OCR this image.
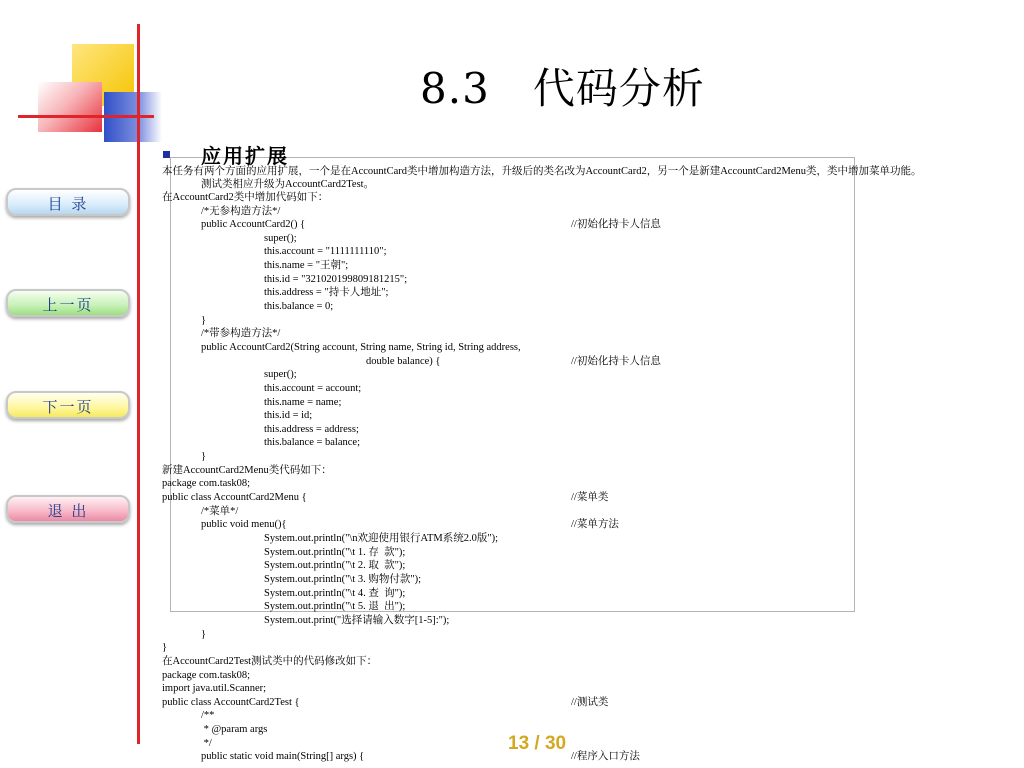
8.3   代码分析
目 录
上一页
下一页
退 出
应用扩展
本任务有两个方面的应用扩展，一个是在AccountCard类中增加构造方法，升级后的类名改为AccountCard2，另一个是新建AccountCard2Menu类，类中增加菜单功能。
测试类相应升级为AccountCard2Test。
在AccountCard2类中增加代码如下：
/*无参构造方法*/
public AccountCard2() {
super();
this.account = "1111111110";
this.name = "王朝";
this.id = "321020199809181215";
this.address = "持卡人地址";
this.balance = 0;
}
/*带参构造方法*/
public AccountCard2(String account, String name, String id, String address,
double balance) {
super();
this.account = account;
this.name = name;
this.id = id;
this.address = address;
this.balance = balance;
}
新建AccountCard2Menu类代码如下：
package com.task08;
public class AccountCard2Menu {
/*菜单*/
public void menu(){
System.out.println("\n欢迎使用银行ATM系统2.0版");
System.out.println("\t 1. 存  款");
System.out.println("\t 2. 取  款");
System.out.println("\t 3. 购物付款");
System.out.println("\t 4. 查  询");
System.out.println("\t 5. 退  出");
System.out.print("选择请输入数字[1-5]:");
}
}
在AccountCard2Test测试类中的代码修改如下：
package com.task08;
import java.util.Scanner;
public class AccountCard2Test {
/**
* @param args
*/
public static void main(String[] args) {
//初始化持卡人信息
//初始化持卡人信息
//菜单类
//菜单方法
//测试类
//程序入口方法
13 / 30
